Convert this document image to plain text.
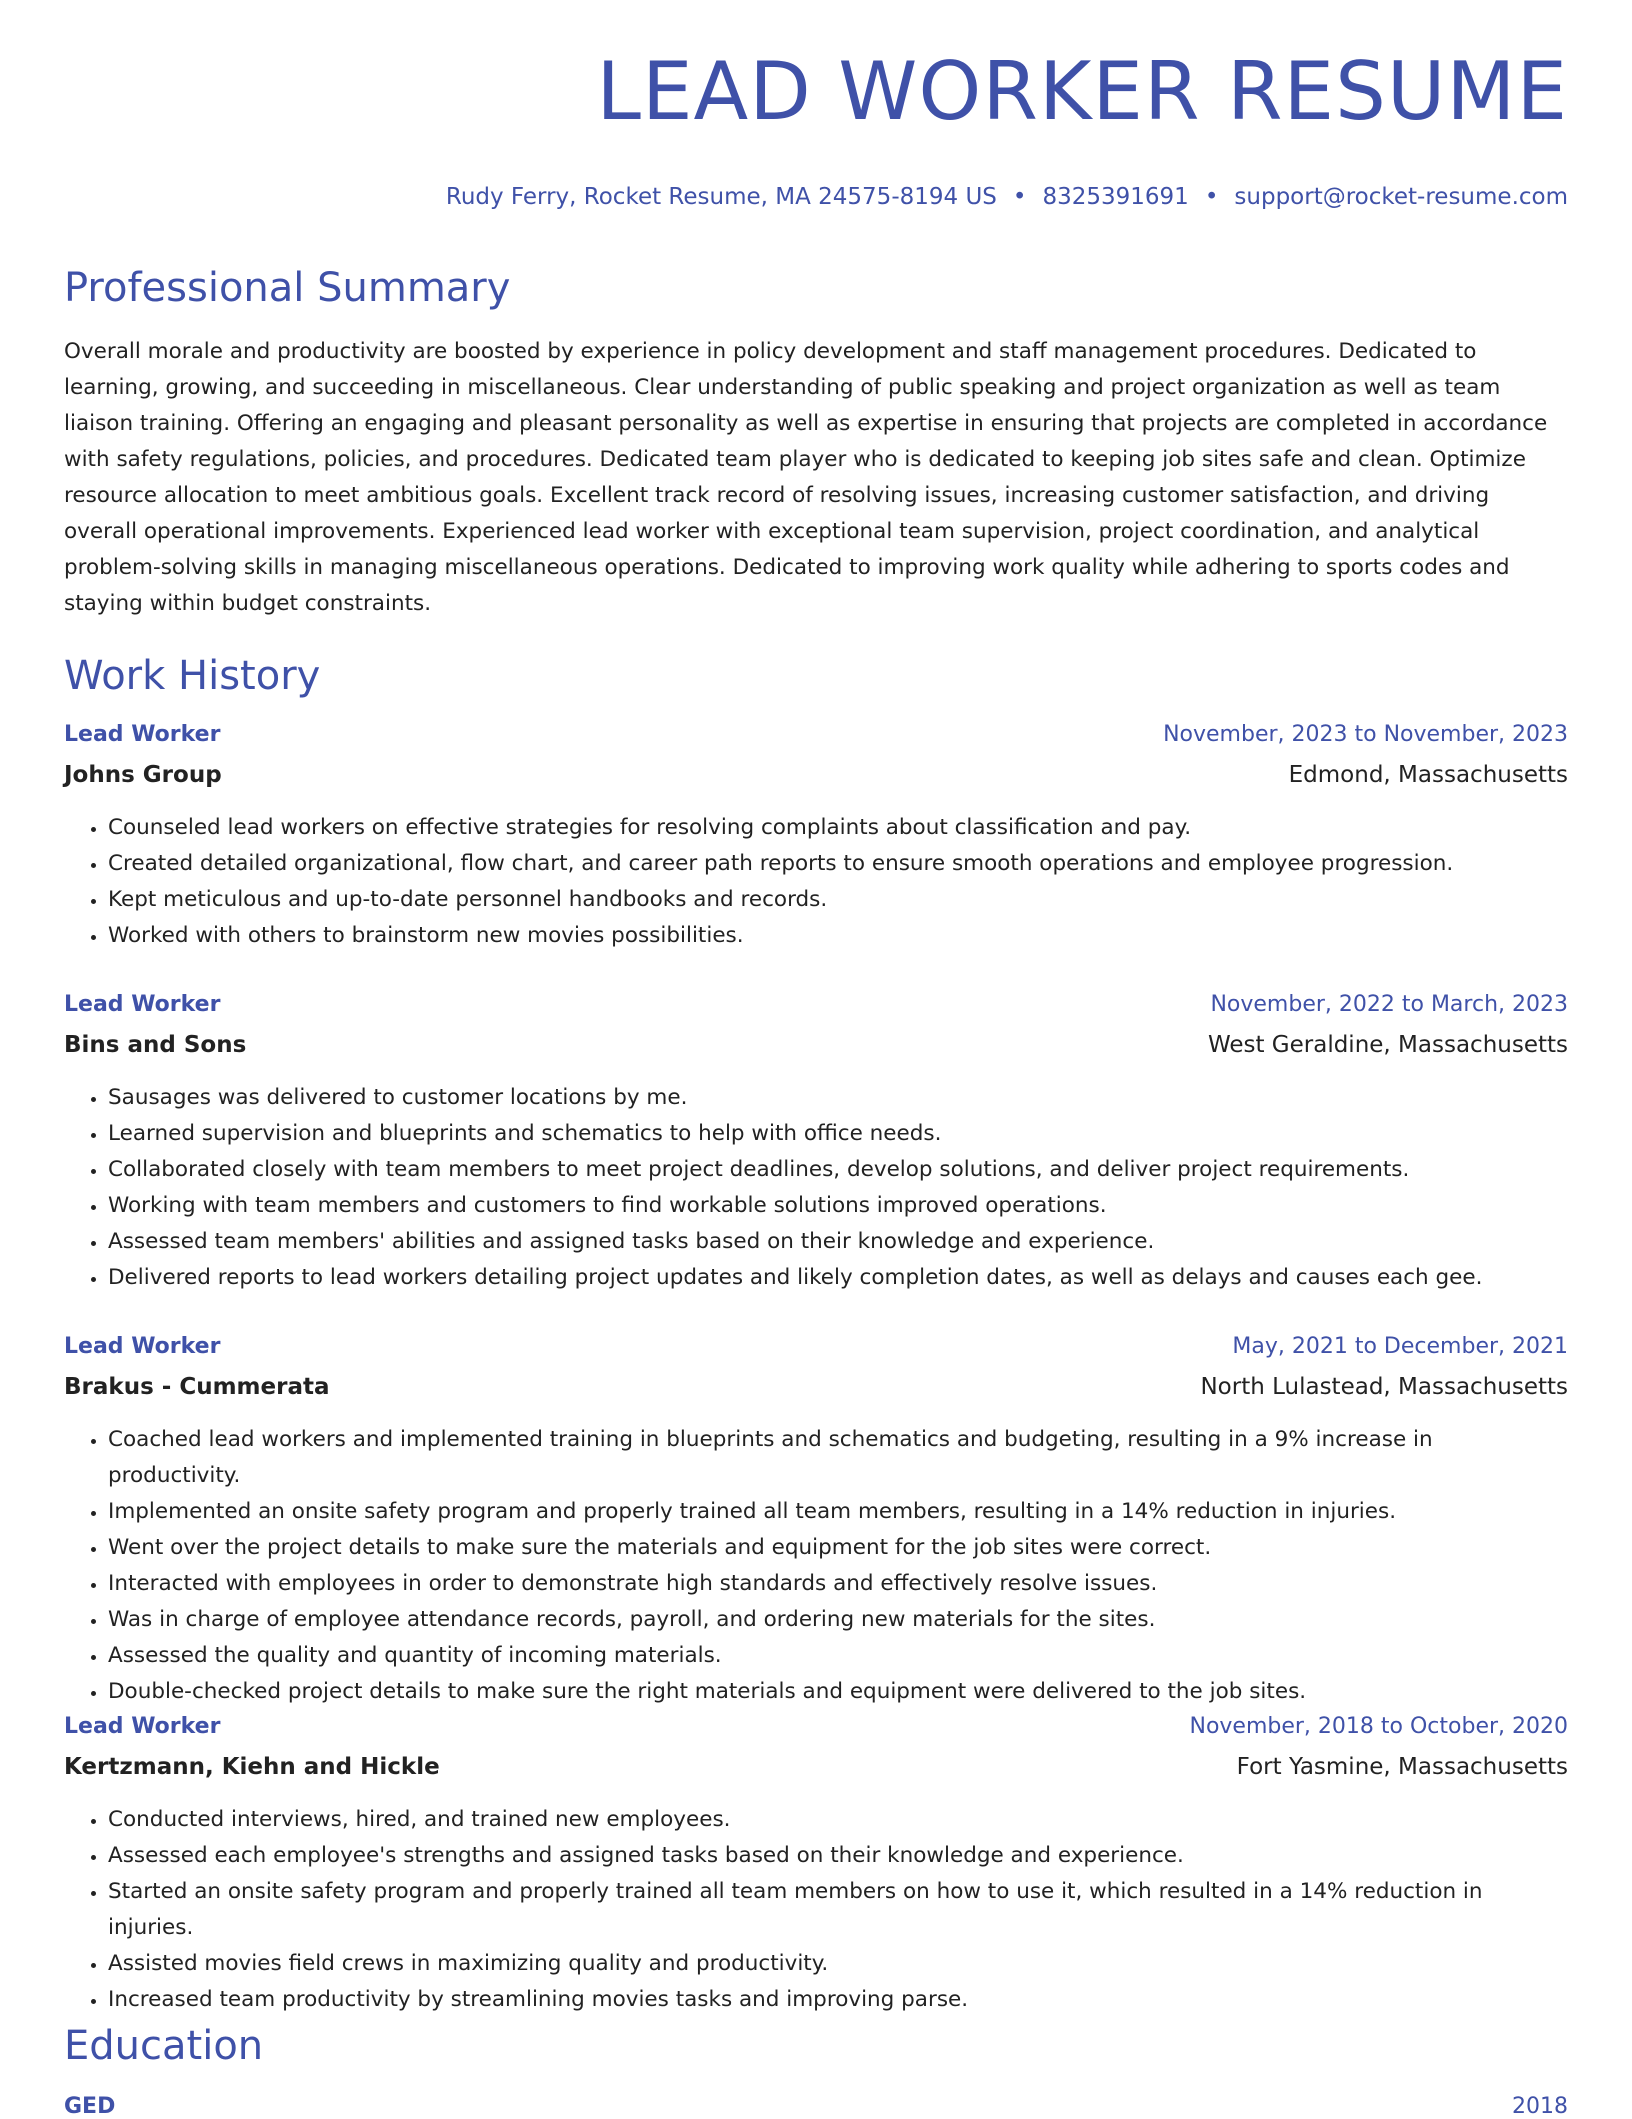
LEAD WORKER RESUME
Rudy Ferry, Rocket Resume, MA 24575-8194 US • 8325391691 • support@rocket-resume.com
Professional Summary

Overall morale and productivity are boosted by experience in policy development and staff management procedures. Dedicated to learning, growing, and succeeding in miscellaneous. Clear understanding of public speaking and project organization as well as team liaison training. Offering an engaging and pleasant personality as well as expertise in ensuring that projects are completed in accordance with safety regulations, policies, and procedures. Dedicated team player who is dedicated to keeping job sites safe and clean. Optimize resource allocation to meet ambitious goals. Excellent track record of resolving issues, increasing customer satisfaction, and driving overall operational improvements. Experienced lead worker with exceptional team supervision, project coordination, and analytical problem-solving skills in managing miscellaneous operations. Dedicated to improving work quality while adhering to sports codes and staying within budget constraints.

Work History
Lead Worker	November, 2023 to November, 2023
Johns Group	Edmond, Massachusetts
• Counseled lead workers on effective strategies for resolving complaints about classification and pay.
• Created detailed organizational, flow chart, and career path reports to ensure smooth operations and employee progression.
• Kept meticulous and up-to-date personnel handbooks and records.
• Worked with others to brainstorm new movies possibilities.
Lead Worker	November, 2022 to March, 2023
Bins and Sons	West Geraldine, Massachusetts
• Sausages was delivered to customer locations by me.
• Learned supervision and blueprints and schematics to help with office needs.
• Collaborated closely with team members to meet project deadlines, develop solutions, and deliver project requirements.
• Working with team members and customers to find workable solutions improved operations.
• Assessed team members' abilities and assigned tasks based on their knowledge and experience.
• Delivered reports to lead workers detailing project updates and likely completion dates, as well as delays and causes each gee.
Lead Worker	May, 2021 to December, 2021
Brakus - Cummerata	North Lulastead, Massachusetts
• Coached lead workers and implemented training in blueprints and schematics and budgeting, resulting in a 9% increase in productivity.
• Implemented an onsite safety program and properly trained all team members, resulting in a 14% reduction in injuries.
• Went over the project details to make sure the materials and equipment for the job sites were correct.
• Interacted with employees in order to demonstrate high standards and effectively resolve issues.
• Was in charge of employee attendance records, payroll, and ordering new materials for the sites.
• Assessed the quality and quantity of incoming materials.
• Double-checked project details to make sure the right materials and equipment were delivered to the job sites.
Lead Worker	November, 2018 to October, 2020
Kertzmann, Kiehn and Hickle	Fort Yasmine, Massachusetts
• Conducted interviews, hired, and trained new employees.
• Assessed each employee's strengths and assigned tasks based on their knowledge and experience.
• Started an onsite safety program and properly trained all team members on how to use it, which resulted in a 14% reduction in injuries.
• Assisted movies field crews in maximizing quality and productivity.
• Increased team productivity by streamlining movies tasks and improving parse.
Education
GED	2018
